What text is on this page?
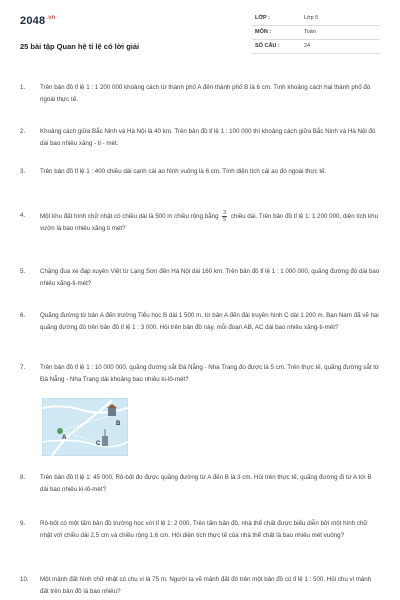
$2048^{.vn}$
25 bài tập Quan hệ tỉ lệ có lời giải
LỚP :	Lớp 5
MÔN :	Toán
SỐ CÂU :	24
1.	Trên bản đồ tỉ lệ 1 : 1 200 000 khoảng cách từ thành phố A đến thành phố B là 6 cm. Tính khoảng cách hai thành phố đó ngoài thực tế.
2.	Khoảng cách giữa Bắc Ninh và Hà Nội là 40 km. Trên bản đồ tỉ lệ 1 : 100 000 thì khoảng cách giữa Bắc Ninh và Hà Nội đó dài bao nhiêu xăng - ti - mét.
3.	Trên bản đồ tỉ lệ 1 : 400 chiều dài cạnh cái ao hình vuông là 6 cm. Tính diện tích cái ao đó ngoài thực tế.
4.	Một khu đất hình chữ nhật có chiều dài là 500 m chiều rộng bằng $\frac{3}{5}$ chiều dài. Trên bản đồ tỉ lệ 1: 1 200 000, diện tích khu vườn là bao nhiêu xăng ti mét?
5.	Chặng đua xe đạp xuyên Việt từ Lạng Sơn đến Hà Nội dài 160 km. Trên bản đồ tỉ lệ 1 : 1 000 000, quãng đường đó dài bao nhiêu xăng-ti-mét?
6.	Quãng đường từ bản A đến trường Tiểu học B dài 1 500 m, từ bản A đến đài truyền hình C dài 1 200 m. Bạn Nam đã vẽ hai quãng đường đó trên bản đồ tỉ lệ 1 : 3 000. Hỏi trên bản đồ này, mỗi đoạn AB, AC dài bao nhiêu xăng-ti-mét?
7.	Trên bản đồ tỉ lệ 1 : 10 000 000, quãng đường sắt Đà Nẵng - Nha Trang đo được là 5 cm. Trên thực tế, quãng đường sắt từ Đà Nẵng - Nha Trang dài khoảng bao nhiêu ki-lô-mét?
A
B
C
8.	Trên bản đồ tỉ lệ 1: 45 000, Rô-bốt đo được quãng đường từ A đến B là 3 cm. Hỏi trên thực tế, quãng đường đi từ A tới B dài bao nhiêu ki-lô-mét?
9.	Rô-bốt có một tấm bản đồ trường học với tỉ lệ 1: 2 000. Trên tấm bản đồ, nhà thể chất được biểu diễn bởi một hình chữ nhật với chiều dài 2,5 cm và chiều rộng 1,6 cm. Hỏi diện tích thực tế của nhà thể chất là bao nhiêu mét vuông?
10.	Một mảnh đất hình chữ nhật có chu vi là 75 m. Người ta vẽ mảnh đất đó trên một bản đồ có tỉ lệ 1 : 500. Hỏi chu vi mảnh đất trên bản đồ là bao nhiêu?
